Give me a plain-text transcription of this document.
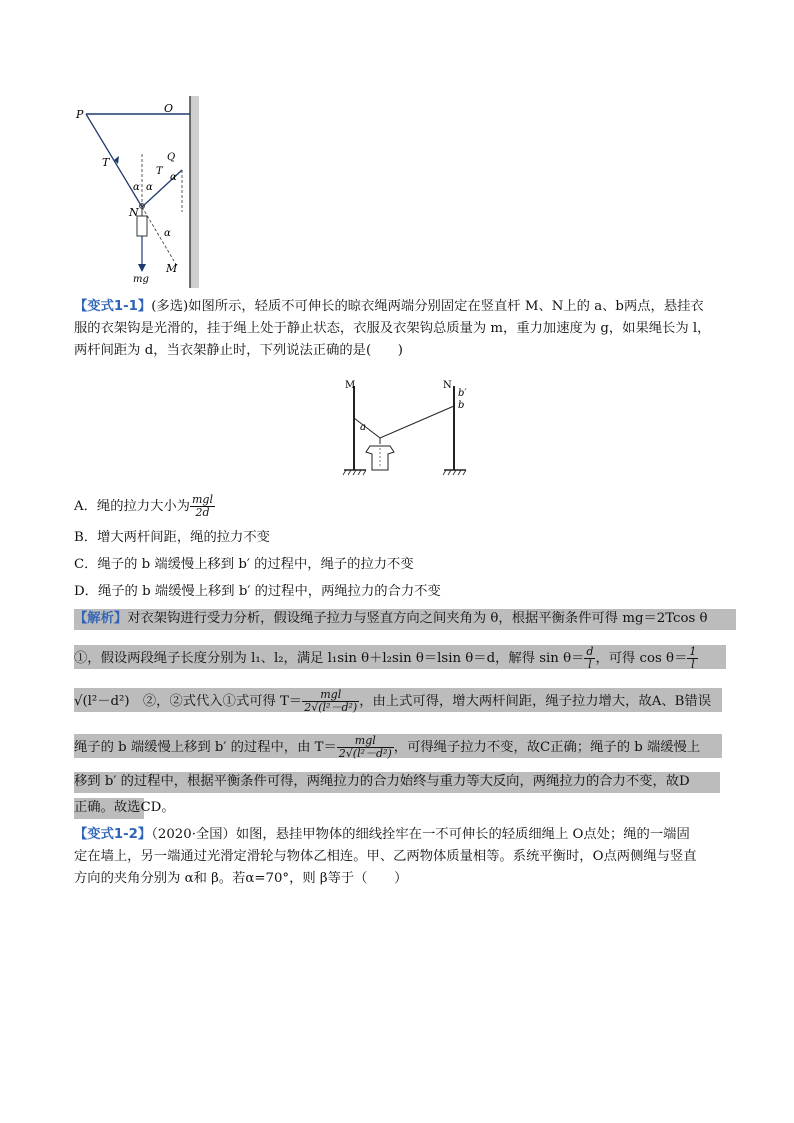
P	O
Q
T
T
α α
α
α
N
M
mg
【变式1-1】(多选)如图所示，轻质不可伸长的晾衣绳两端分别固定在竖直杆 M、N上的 a、b两点，悬挂衣
服的衣架钩是光滑的，挂于绳上处于静止状态，衣服及衣架钩总质量为 m，重力加速度为 g，如果绳长为 l，
两杆间距为 d，当衣架静止时，下列说法正确的是(　　)
M	N
a
b′
b
A．绳的拉力大小为 $\frac{\text{mgl}}{2d}$
B．增大两杆间距，绳的拉力不变
C．绳子的 b 端缓慢上移到 b′ 的过程中，绳子的拉力不变
D．绳子的 b 端缓慢上移到 b′ 的过程中，两绳拉力的合力不变
【解析】对衣架钩进行受力分析，假设绳子拉力与竖直方向之间夹角为 θ，根据平衡条件可得 mg＝2Tcos θ
①，假设两段绳子长度分别为 l₁、l₂，满足 l₁sin θ＋l₂sin θ＝lsin θ＝d，解得 $\sin \theta= \frac{d}{l}$ ，可得 $\cos \theta= \frac{1}{l}$
√(l²－d²)　②，②式代入①式可得 $T= \frac{\text{mgl}}{\text{2√(l²－d²)}}$ ，由上式可得，增大两杆间距，绳子拉力增大，故A、B错误
绳子的 b 端缓慢上移到 b′ 的过程中，由 $T= \frac{\text{mgl}}{\text{2√(l²－d²)}}$ ，可得绳子拉力不变，故C正确；绳子的 b 端缓慢上
移到 b′ 的过程中，根据平衡条件可得，两绳拉力的合力始终与重力等大反向，两绳拉力的合力不变，故D
正确。故选CD。
【变式1-2】（2020·全国）如图，悬挂甲物体的细线拴牢在一不可伸长的轻质细绳上 O点处；绳的一端固
定在墙上，另一端通过光滑定滑轮与物体乙相连。甲、乙两物体质量相等。系统平衡时，O点两侧绳与竖直
方向的夹角分别为 α和 β。若α=70°，则 β等于（　　）
